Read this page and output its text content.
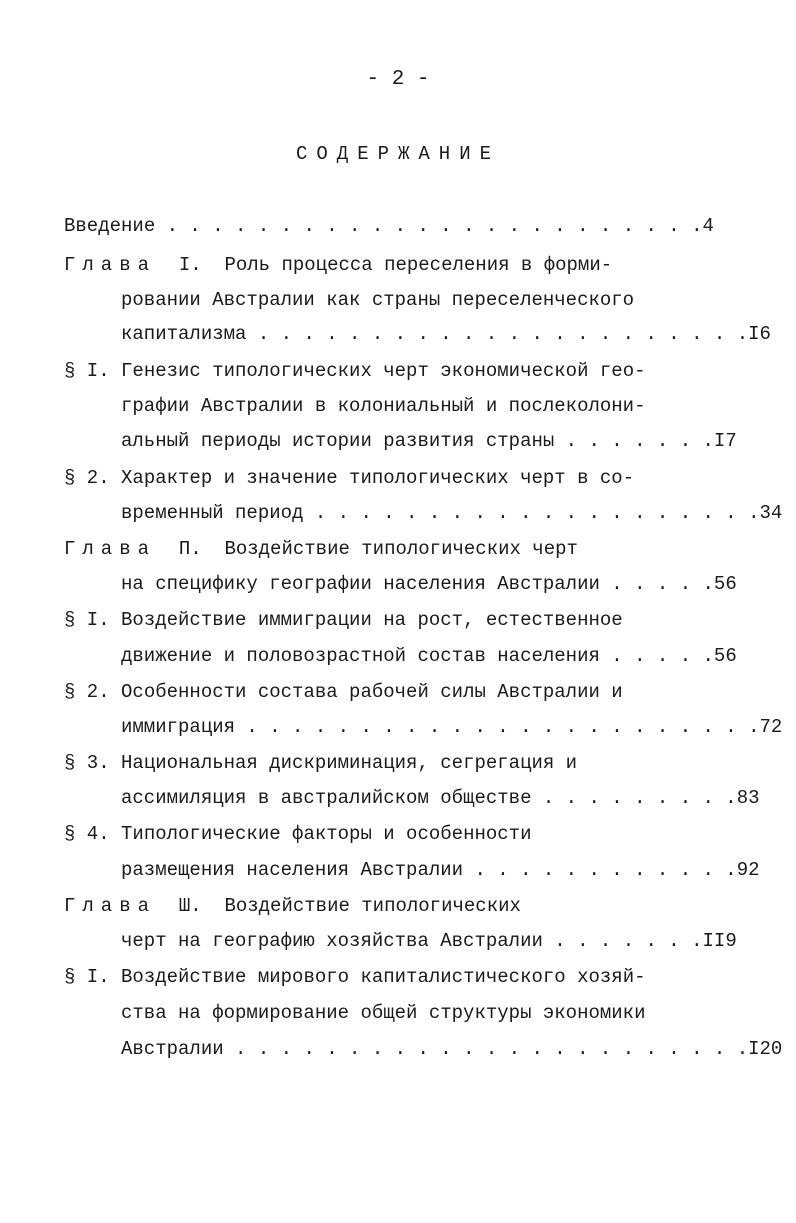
- 2 -
СОДЕРЖАНИЕ
Введение . . . . . . . . . . . . . . . . . . . . . . . .4
Глава I. Роль процесса переселения в форми-
ровании Австралии как страны переселенческого
капитализма . . . . . . . . . . . . . . . . . . . . . .I6
§ I. Генезис типологических черт экономической гео-
графии Австралии в колониальный и послеколони-
альный периоды истории развития страны . . . . . . .I7
§ 2. Характер и значение типологических черт в со-
временный период . . . . . . . . . . . . . . . . . . . .34
Глава П. Воздействие типологических черт
на специфику географии населения Австралии . . . . .56
§ I. Воздействие иммиграции на рост, естественное
движение и половозрастной состав населения . . . . .56
§ 2. Особенности состава рабочей силы Австралии и
иммиграция . . . . . . . . . . . . . . . . . . . . . . .72
§ 3. Национальная дискриминация, сегрегация и
ассимиляция в австралийском обществе . . . . . . . . .83
§ 4. Типологические факторы и особенности
размещения населения Австралии . . . . . . . . . . . .92
Глава Ш. Воздействие типологических
черт на географию хозяйства Австралии . . . . . . .II9
§ I. Воздействие мирового капиталистического хозяй-
ства на формирование общей структуры экономики
Австралии . . . . . . . . . . . . . . . . . . . . . . .I20
